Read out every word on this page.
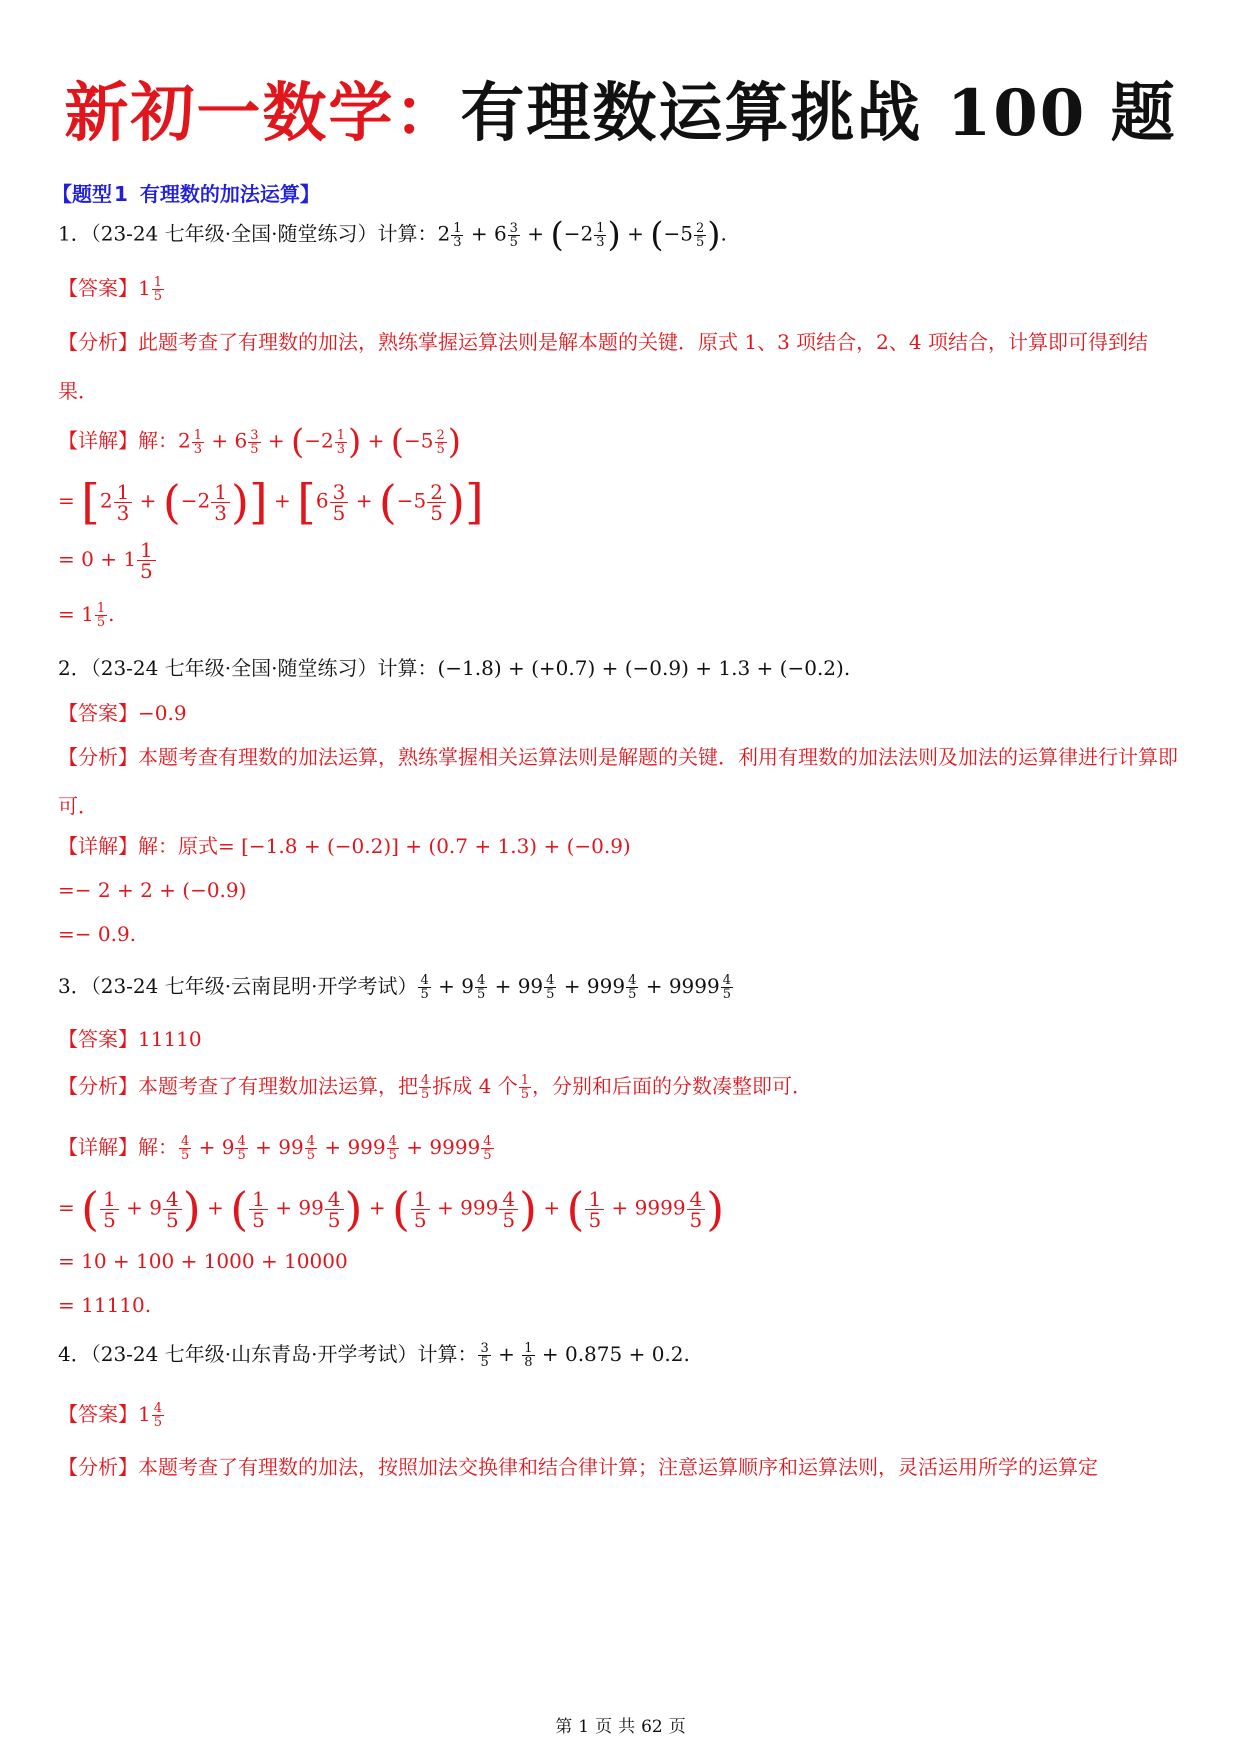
新初一数学：有理数运算挑战 100 题
【题型 1 有理数的加法运算】
1．（23-24 七年级·全国·随堂练习）计算：$2 \frac{1}{3} + 6 \frac{3}{5} + (-2 \frac{1}{3}$ ) + ($-5 \frac{2}{5}$ ).
【答案】$1 \frac{1}{5}$
【分析】此题考查了有理数的加法，熟练掌握运算法则是解本题的关键．原式 1、3 项结合，2、4 项结合，计算即可得到结果．
【详解】解：$2 \frac{1}{3} + 6 \frac{3}{5} + (-2 \frac{1}{3}$ ) + ($-5 \frac{2}{5}$ )
= [$2 \frac{1}{3} + (-2 \frac{1}{3}$ )] + [$6 \frac{3}{5} + (-5 \frac{2}{5}$ )]
= $0 + 1 \frac{1}{5}$
= $1 \frac{1}{5}$ .
2．（23-24 七年级·全国·随堂练习）计算：(−1.8) + (+0.7) + (−0.9) + 1.3 + (−0.2).
【答案】−0.9
【分析】本题考查有理数的加法运算，熟练掌握相关运算法则是解题的关键．利用有理数的加法法则及加法的运算律进行计算即可．
【详解】解：原式= [−1.8 + (−0.2)] + (0.7 + 1.3) + (−0.9)
=− 2 + 2 + (−0.9)
=− 0.9.
3．（23-24 七年级·云南昆明·开学考试） $\frac{4}{5} + 9 \frac{4}{5} + 99 \frac{4}{5} + 999 \frac{4}{5} + 9999 \frac{4}{5}$
【答案】11110
【分析】本题考查了有理数加法运算，把 $\frac{4}{5}$ 拆成 4 个 $\frac{1}{5}$ ，分别和后面的分数凑整即可．
【详解】解： $\frac{4}{5} + 9 \frac{4}{5} + 99 \frac{4}{5} + 999 \frac{4}{5} + 9999 \frac{4}{5}$
= ( $\frac{1}{5} + 9 \frac{4}{5}$ ) + ( $\frac{1}{5} + 99 \frac{4}{5}$ ) + ( $\frac{1}{5} + 999 \frac{4}{5}$ ) + ( $\frac{1}{5} + 9999 \frac{4}{5}$ )
= 10 + 100 + 1000 + 10000
= 11110.
4．（23-24 七年级·山东青岛·开学考试）计算： $\frac{3}{5} + \frac{1}{8} + 0.875 + 0.2$.
【答案】$1 \frac{4}{5}$
【分析】本题考查了有理数的加法，按照加法交换律和结合律计算；注意运算顺序和运算法则，灵活运用所学的运算定
第 1 页 共 62 页
